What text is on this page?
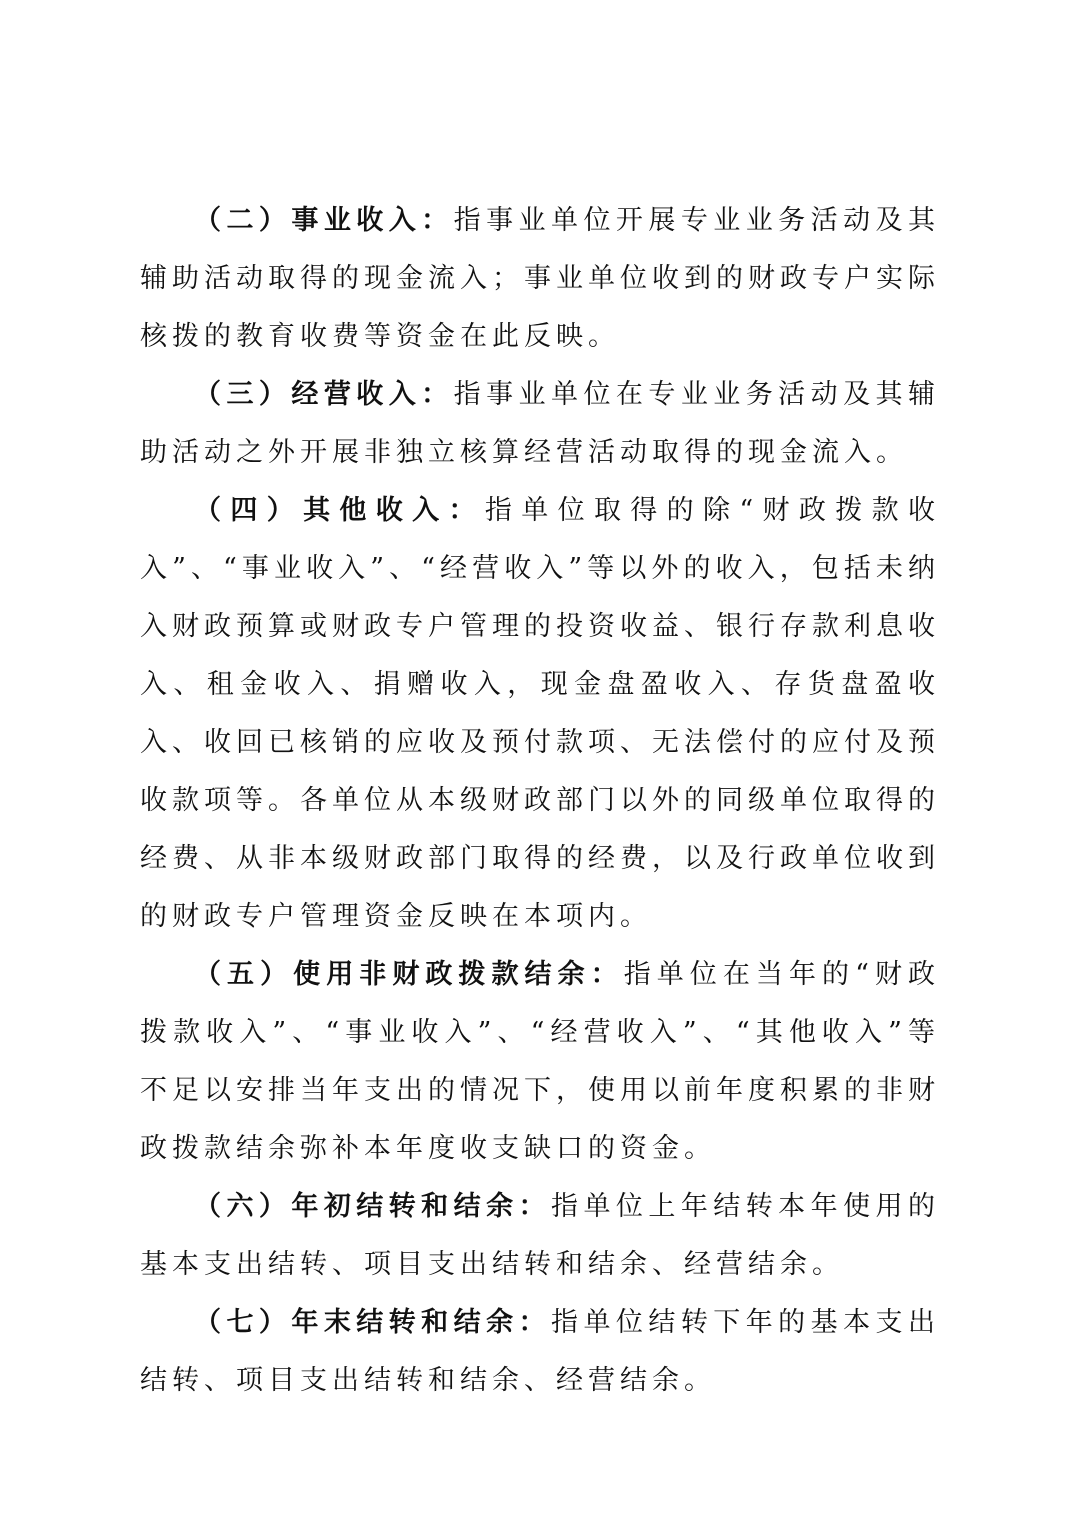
（二）事业收入：指事业单位开展专业业务活动及其辅助活动取得的现金流入；事业单位收到的财政专户实际核拨的教育收费等资金在此反映。

（三）经营收入：指事业单位在专业业务活动及其辅助活动之外开展非独立核算经营活动取得的现金流入。

（四）其他收入：指单位取得的除“财政拨款收入”、“事业收入”、“经营收入”等以外的收入，包括未纳入财政预算或财政专户管理的投资收益、银行存款利息收入、租金收入、捐赠收入，现金盘盈收入、存货盘盈收入、收回已核销的应收及预付款项、无法偿付的应付及预收款项等。各单位从本级财政部门以外的同级单位取得的经费、从非本级财政部门取得的经费，以及行政单位收到的财政专户管理资金反映在本项内。

（五）使用非财政拨款结余：指单位在当年的“财政拨款收入”、“事业收入”、“经营收入”、“其他收入”等不足以安排当年支出的情况下，使用以前年度积累的非财政拨款结余弥补本年度收支缺口的资金。

（六）年初结转和结余：指单位上年结转本年使用的基本支出结转、项目支出结转和结余、经营结余。

（七）年末结转和结余：指单位结转下年的基本支出结转、项目支出结转和结余、经营结余。
